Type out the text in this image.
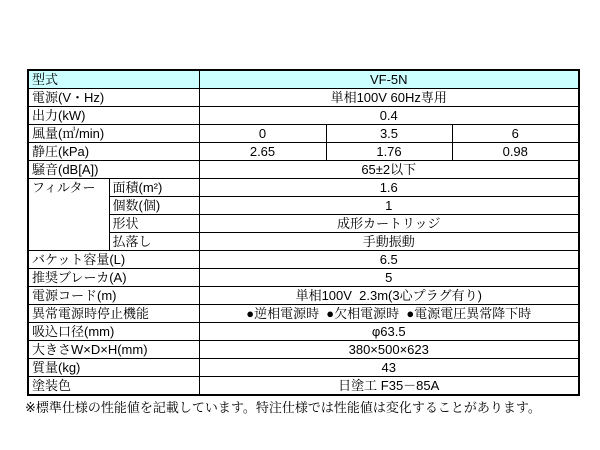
型式		VF-5N		
電源(V・Hz)		単相100V 60Hz専用		
出力(kW)		0.4		
風量(㎥/min)		0	3.5	6
静圧(kPa)		2.65	1.76	0.98
騒音(dB[A])		65±2以下		
フィルター	面積(m²)	1.6		
	個数(個)	1		
	形状	成形カートリッジ		
	払落し	手動振動		
バケット容量(L)		6.5		
推奨ブレーカ(A)		5		
電源コード(m)		単相100V  2.3m(3心プラグ有り)		
異常電源時停止機能		●逆相電源時  ●欠相電源時  ●電源電圧異常降下時		
吸込口径(mm)		φ63.5		
大きさW×D×H(mm)		380×500×623		
質量(kg)		43		
塗装色		日塗工 F35－85A		
※標準仕様の性能値を記載しています。特注仕様では性能値は変化することがあります。
